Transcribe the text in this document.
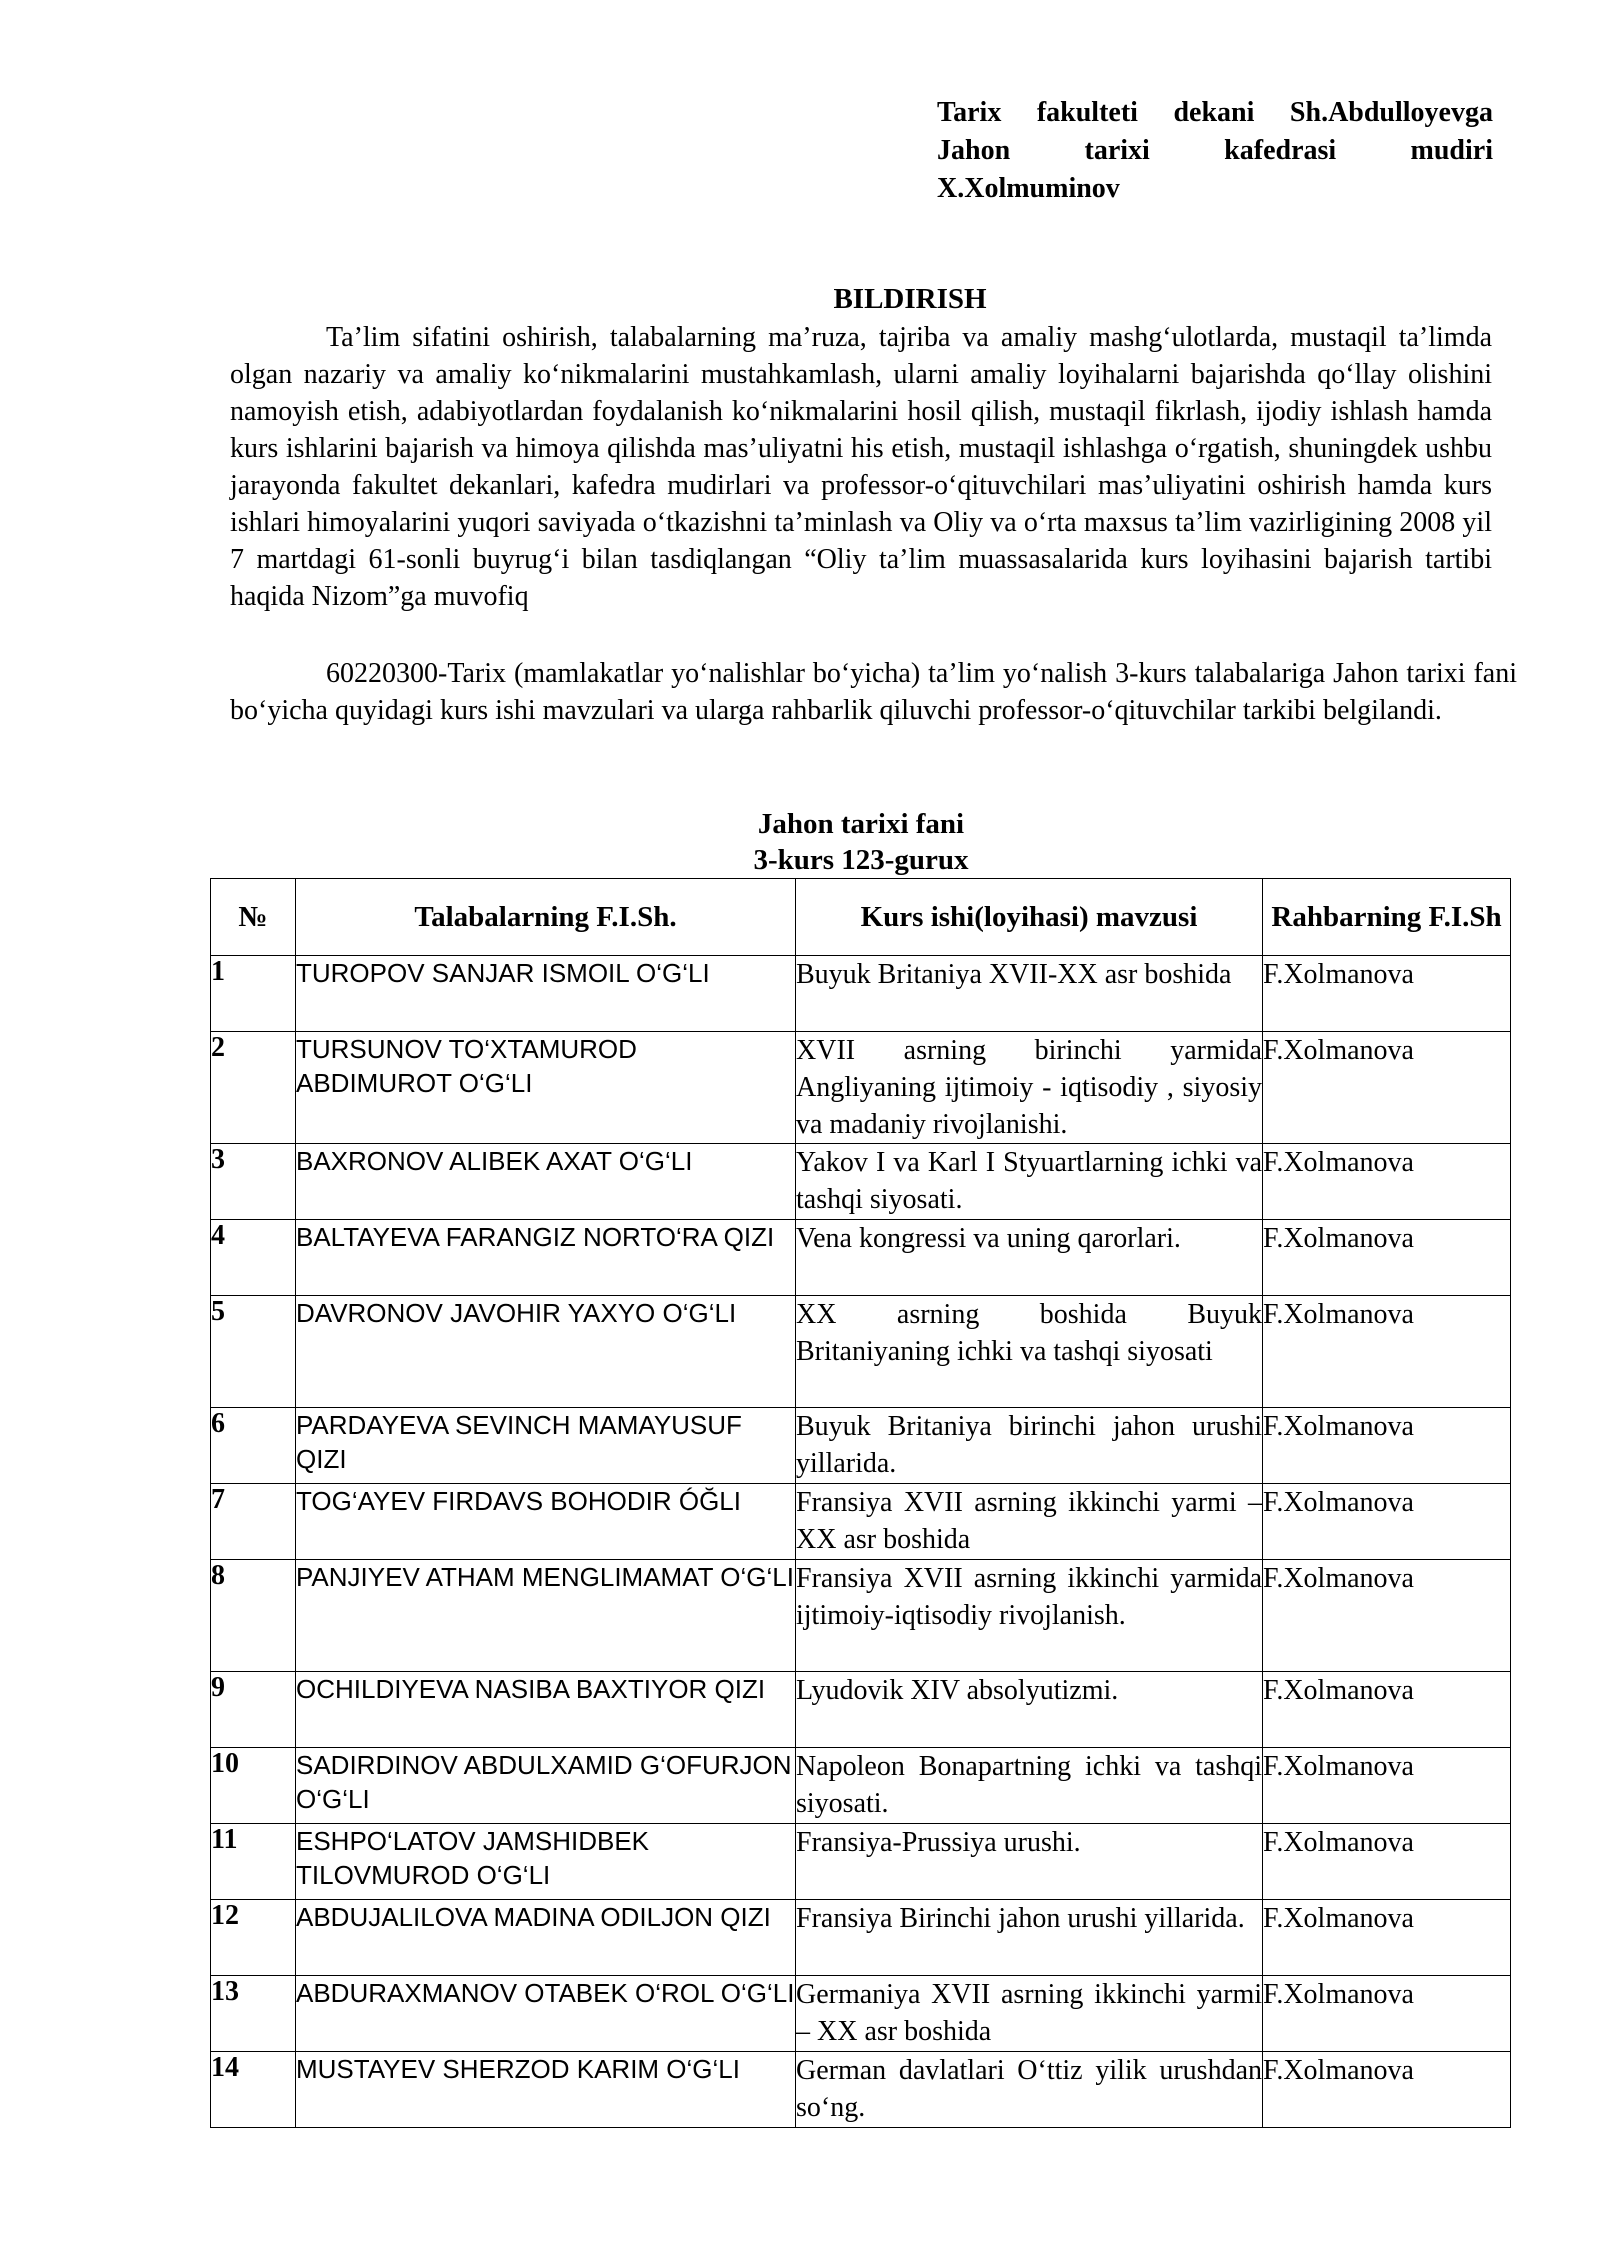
Tarix fakulteti dekani Sh.Abdulloyevga
Jahon tarixi kafedrasi mudiri
X.Xolmuminov
BILDIRISH
Ta’lim sifatini oshirish, talabalarning ma’ruza, tajriba va amaliy mashg‘ulotlarda, mustaqil ta’limda olgan nazariy va amaliy ko‘nikmalarini mustahkamlash, ularni amaliy loyihalarni bajarishda qo‘llay olishini namoyish etish, adabiyotlardan foydalanish ko‘nikmalarini hosil qilish, mustaqil fikrlash, ijodiy ishlash hamda kurs ishlarini bajarish va himoya qilishda mas’uliyatni his etish, mustaqil ishlashga o‘rgatish, shuningdek ushbu jarayonda fakultet dekanlari, kafedra mudirlari va professor-o‘qituvchilari mas’uliyatini oshirish hamda kurs ishlari himoyalarini yuqori saviyada o‘tkazishni ta’minlash va Oliy va o‘rta maxsus ta’lim vazirligining 2008 yil 7 martdagi 61-sonli buyrug‘i bilan tasdiqlangan “Oliy ta’lim muassasalarida kurs loyihasini bajarish tartibi haqida Nizom”ga muvofiq
60220300-Tarix (mamlakatlar yo‘nalishlar bo‘yicha) ta’lim yo‘nalish 3-kurs talabalariga Jahon tarixi fani bo‘yicha quyidagi kurs ishi mavzulari va ularga rahbarlik qiluvchi professor-o‘qituvchilar tarkibi belgilandi.
Jahon tarixi fani
3-kurs 123-gurux
№	Talabalarning F.I.Sh.	Kurs ishi(loyihasi) mavzusi	Rahbarning F.I.Sh
1	TUROPOV SANJAR ISMOIL O‘G‘LI	Buyuk Britaniya XVII-XX asr boshida	F.Xolmanova
2	TURSUNOV TO‘XTAMUROD ABDIMUROT O‘G‘LI	XVII asrning birinchi yarmida Angliyaning ijtimoiy - iqtisodiy , siyosiy va madaniy rivojlanishi.	F.Xolmanova
3	BAXRONOV ALIBEK AXAT O‘G‘LI	Yakov I va Karl I Styuartlarning ichki va tashqi siyosati.	F.Xolmanova
4	BALTAYEVA FARANGIZ NORTO‘RA QIZI	Vena kongressi va uning qarorlari.	F.Xolmanova
5	DAVRONOV JAVOHIR YAXYO O‘G‘LI	XX asrning boshida Buyuk Britaniyaning ichki va tashqi siyosati	F.Xolmanova
6	PARDAYEVA SEVINCH MAMAYUSUF QIZI	Buyuk Britaniya birinchi jahon urushi yillarida.	F.Xolmanova
7	TOG‘AYEV FIRDAVS BOHODIR ÓĞLI	Fransiya XVII asrning ikkinchi yarmi – XX asr boshida	F.Xolmanova
8	PANJIYEV ATHAM MENGLIMAMAT O‘G‘LI	Fransiya XVII asrning ikkinchi yarmida ijtimoiy-iqtisodiy rivojlanish.	F.Xolmanova
9	OCHILDIYEVA NASIBA BAXTIYOR QIZI	Lyudovik XIV absolyutizmi.	F.Xolmanova
10	SADIRDINOV ABDULXAMID G‘OFURJON O‘G‘LI	Napoleon Bonapartning ichki va tashqi siyosati.	F.Xolmanova
11	ESHPO‘LATOV JAMSHIDBEK TILOVMUROD O‘G‘LI	Fransiya-Prussiya urushi.	F.Xolmanova
12	ABDUJALILOVA MADINA ODILJON QIZI	Fransiya Birinchi jahon urushi yillarida.	F.Xolmanova
13	ABDURAXMANOV OTABEK O‘ROL O‘G‘LI	Germaniya XVII asrning ikkinchi yarmi – XX asr boshida	F.Xolmanova
14	MUSTAYEV SHERZOD KARIM O‘G‘LI	German davlatlari O‘ttiz yilik urushdan so‘ng.	F.Xolmanova
